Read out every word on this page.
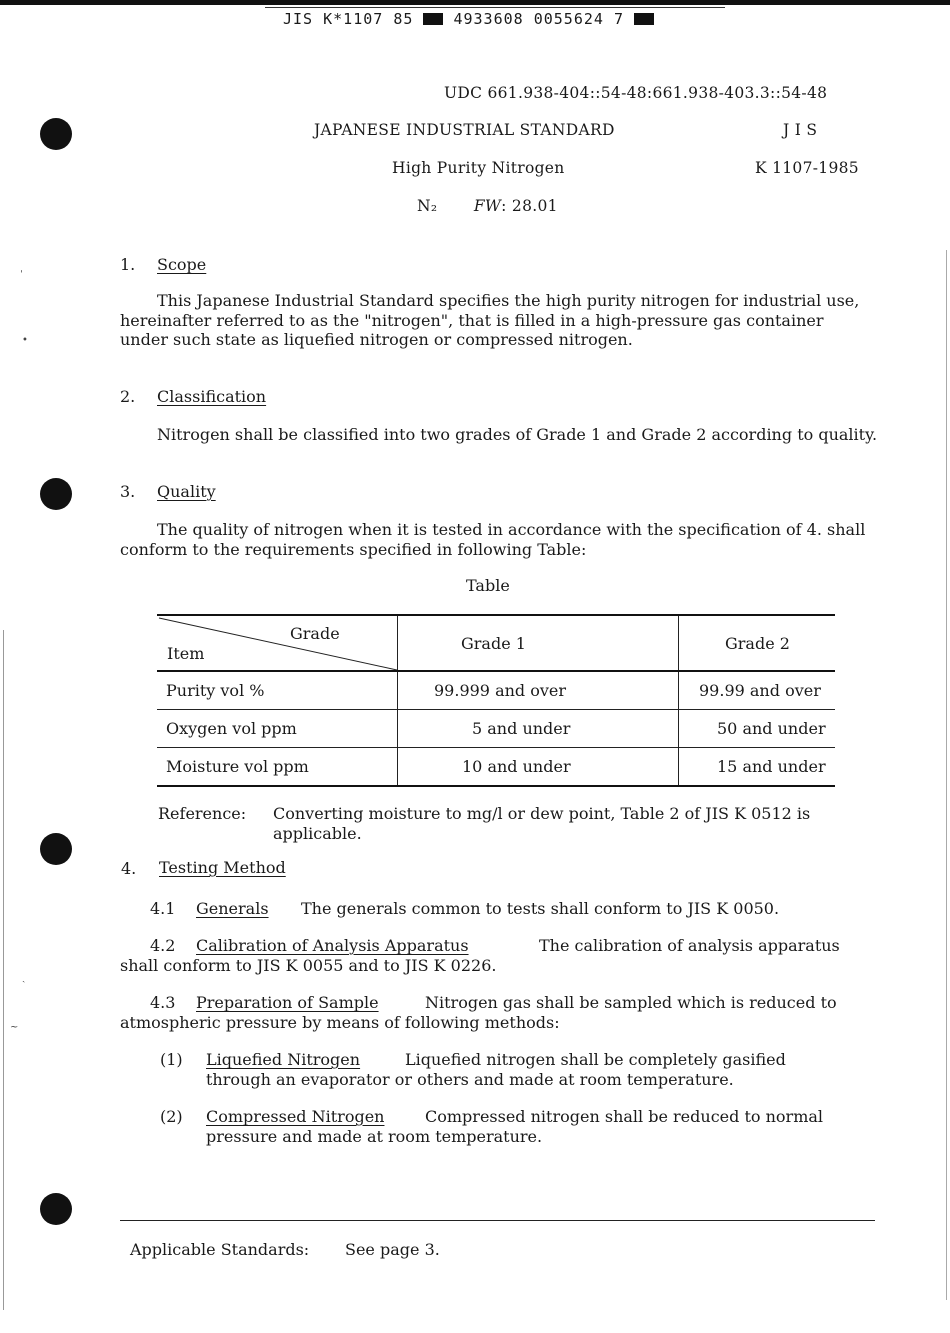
JIS K*1107 85	4933608 0055624 7
ˈ
•
ˎ
~
UDC 661.938-404::54-48:661.938-403.3::54-48
JAPANESE INDUSTRIAL STANDARD	J I S
High Purity Nitrogen	K 1107-1985
N₂ FW: 28.01
1. Scope
This Japanese Industrial Standard specifies the high purity nitrogen for industrial use, hereinafter referred to as the "nitrogen", that is filled in a high-pressure gas container under such state as liquefied nitrogen or compressed nitrogen.
2. Classification
Nitrogen shall be classified into two grades of Grade 1 and Grade 2 according to quality.
3. Quality
The quality of nitrogen when it is tested in accordance with the specification of 4. shall conform to the requirements specified in following Table:
Table
Grade
Item	Grade 1	Grade 2
Purity vol %	99.999 and over	99.99 and over
Oxygen vol ppm	5 and under	50 and under
Moisture vol ppm	10 and under	15 and under
Reference: Converting moisture to mg/l or dew point, Table 2 of JIS K 0512 is applicable.
4. Testing Method
4.1 Generals The generals common to tests shall conform to JIS K 0050.
4.2 Calibration of Analysis Apparatus	The calibration of analysis apparatus shall conform to JIS K 0055 and to JIS K 0226.
4.3 Preparation of Sample	Nitrogen gas shall be sampled which is reduced to atmospheric pressure by means of following methods:
(1) Liquefied Nitrogen	Liquefied nitrogen shall be completely gasified through an evaporator or others and made at room temperature.
(2) Compressed Nitrogen	Compressed nitrogen shall be reduced to normal pressure and made at room temperature.
Applicable Standards: See page 3.
